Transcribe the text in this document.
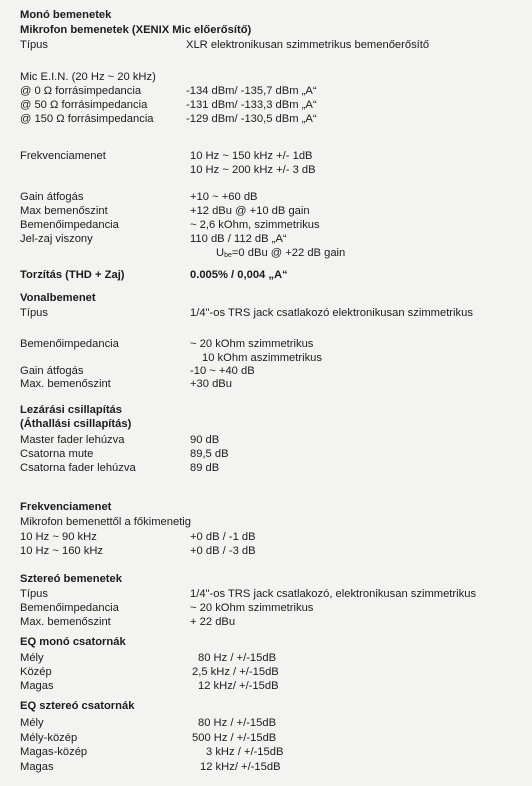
Monó bemenetek
Mikrofon bemenetek (XENIX Mic előerősítő)
Típus	XLR elektronikusan szimmetrikus bemenőerősítő
Mic E.I.N. (20 Hz ~ 20 kHz)
@ 0 Ω forrásimpedancia	-134 dBm/ -135,7 dBm „A“
@ 50 Ω forrásimpedancia	-131 dBm/ -133,3 dBm „A“
@ 150 Ω forrásimpedancia	-129 dBm/ -130,5 dBm „A“
Frekvenciamenet	10 Hz ~ 150 kHz +/- 1dB
10 Hz ~ 200 kHz +/- 3 dB
Gain átfogás	+10 ~ +60 dB
Max bemenőszint	+12 dBu @ +10 dB gain
Bemenőimpedancia	~ 2,6 kOhm, szimmetrikus
Jel-zaj viszony	110 dB / 112 dB „A“
$U_{be}=0$ dBu @ +22 dB gain
Torzítás (THD + Zaj)	0.005% / 0,004 „A“
Vonalbemenet
Típus	1/4"-os TRS jack csatlakozó elektronikusan szimmetrikus
Bemenőimpedancia	~ 20 kOhm szimmetrikus
10 kOhm aszimmetrikus
Gain átfogás	-10 ~ +40 dB
Max. bemenőszint	+30 dBu
Lezárási csillapítás
(Áthallási csillapítás)
Master fader lehúzva	90 dB
Csatorna mute	89,5 dB
Csatorna fader lehúzva	89 dB
Frekvenciamenet
Mikrofon bemenettől a főkimenetig
10 Hz ~ 90 kHz	+0 dB / -1 dB
10 Hz ~ 160 kHz	+0 dB / -3 dB
Sztereó bemenetek
Típus	1/4"-os TRS jack csatlakozó, elektronikusan szimmetrikus
Bemenőimpedancia	~ 20 kOhm szimmetrikus
Max. bemenőszint	+ 22 dBu
EQ monó csatornák
Mély	80 Hz / +/-15dB
Közép	2,5 kHz / +/-15dB
Magas	12 kHz/ +/-15dB
EQ sztereó csatornák
Mély	80 Hz / +/-15dB
Mély-közép	500 Hz / +/-15dB
Magas-közép	3 kHz / +/-15dB
Magas	12 kHz/ +/-15dB
